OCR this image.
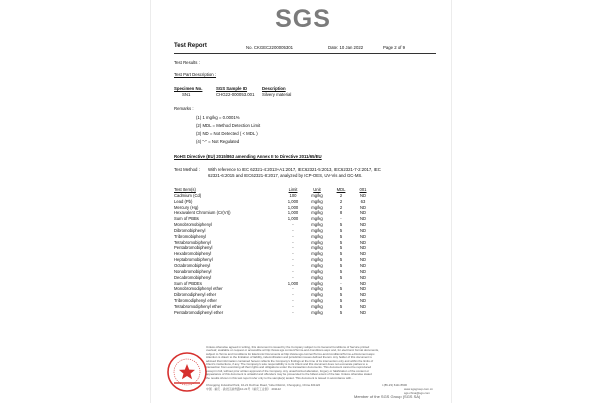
SGS
Test Report	No. CKGEC2200005301	Date: 10 Jan 2022	Page 2 of 9
Test Results :
Test Part Description :
Specimen No.	SGS Sample ID	Description
SN1	CHG22-000053.001 Silvery material
Remarks :
(1) 1 mg/kg = 0.0001%
(2) MDL = Method Detection Limit
(3) ND = Not Detected ( < MDL )
(4) "-" = Not Regulated
RoHS Directive (EU) 2015/863 amending Annex II to Directive 2011/65/EU
Test Method : With reference to IEC 62321-4:2013+A1:2017, IEC62321-5:2013, IEC62321-7-2:2017, IEC
62321-6:2015 and IEC62321-8:2017, analyzed by ICP-OES, UV-Vis and GC-MS.
Test Item(s)	Limit	Unit	MDL	001
Cadmium (Cd)	100	mg/kg	2	ND
Lead (Pb)	1,000	mg/kg	2	63
Mercury (Hg)	1,000	mg/kg	2	ND
Hexavalent Chromium (Cr(VI))	1,000	mg/kg	8	ND
Sum of PBBs	1,000	mg/kg	-	ND
Monobromobiphenyl	-	mg/kg	5	ND
Dibromobiphenyl	-	mg/kg	5	ND
Tribromobiphenyl	-	mg/kg	5	ND
Tetrabromobiphenyl	-	mg/kg	5	ND
Pentabromobiphenyl	-	mg/kg	5	ND
Hexabromobiphenyl	-	mg/kg	5	ND
Heptabromobiphenyl	-	mg/kg	5	ND
Octabromobiphenyl	-	mg/kg	5	ND
Nonabromobiphenyl	-	mg/kg	5	ND
Decabromobiphenyl	-	mg/kg	5	ND
Sum of PBDEs	1,000	mg/kg	-	ND
Monobromodiphenyl ether	-	mg/kg	5	ND
Dibromodiphenyl ether	-	mg/kg	5	ND
Tribromodiphenyl ether	-	mg/kg	5	ND
Tetrabromodiphenyl ether	-	mg/kg	5	ND
Pentabromodiphenyl ether	-	mg/kg	5	ND
Unless otherwise agreed in writing, this document is issued by the Company subject to its General Conditions of Service printed
overleaf, available on request or accessible at http://www.sgs.com/en/Terms-and-Conditions.aspx and, for electronic format documents,
subject to Terms and Conditions for Electronic Documents at http://www.sgs.com/en/Terms-and-Conditions/Terms-e-Document.aspx.
Attention is drawn to the limitation of liability, indemnification and jurisdiction issues defined therein. Any holder of this document is
advised that information contained hereon reflects the Company's findings at the time of its intervention only and within the limits of
Client's instructions, if any. The Company's sole responsibility is to its Client and this document does not exonerate parties to a
transaction from exercising all their rights and obligations under the transaction documents. This document cannot be reproduced
except in full, without prior written approval of the Company. Any unauthorized alteration, forgery or falsification of the content or
appearance of this document is unlawful and offenders may be prosecuted to the fullest extent of the law. Unless otherwise stated
the results shown in this test report refer only to the sample(s) tested. This document is issued in accordance with...
Chongqing Industrial Park, 10-21 Duzhuo Road, Yubei District, Chongqing, China 401122
中国 · 重庆 · 渝北区渝州路10-21号（重庆工业园） 401122
t (86-23) 6111 8600
www.sgsgroup.com.cn
sgs.china@sgs.com
Member of the SGS Group (SGS SA)
